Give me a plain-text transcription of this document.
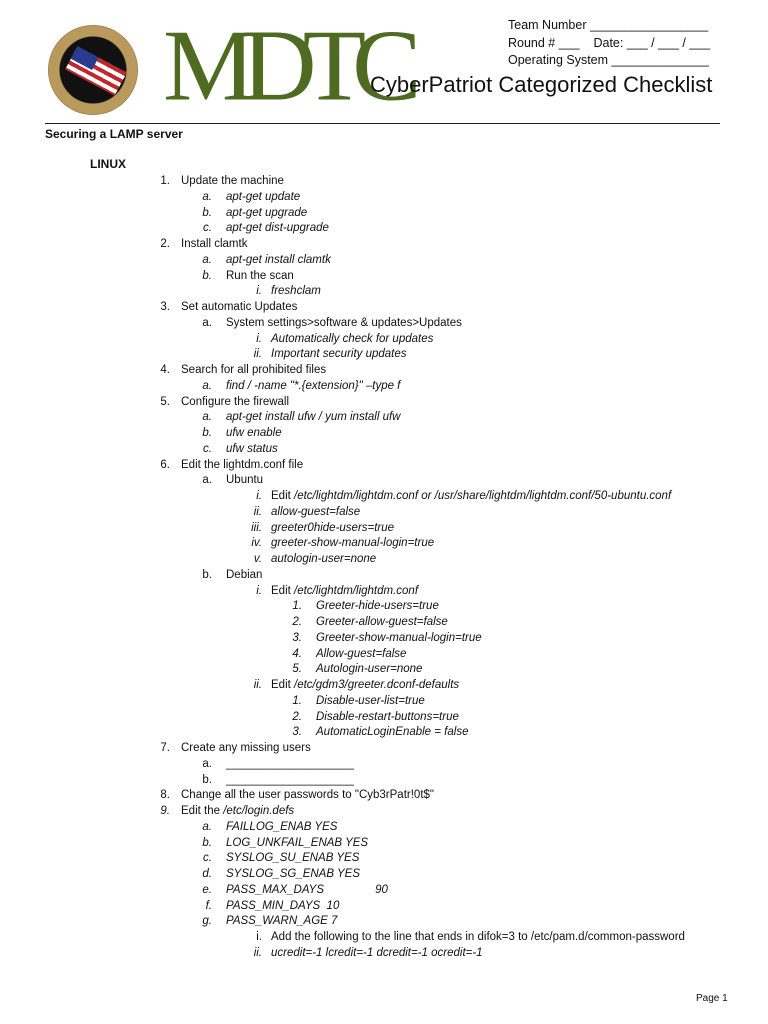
MDTC	Team Number _________________
Round # ___    Date: ___ / ___ / ___
Operating System ______________
CyberPatriot Categorized Checklist
Securing a LAMP server
LINUX
1. Update the machine
a. apt-get update
b. apt-get upgrade
c. apt-get dist-upgrade
2. Install clamtk
a. apt-get install clamtk
b. Run the scan
i. freshclam
3. Set automatic Updates
a. System settings>software & updates>Updates
i. Automatically check for updates
ii. Important security updates
4. Search for all prohibited files
a. find / -name "*.{extension}" –type f
5. Configure the firewall
a. apt-get install ufw / yum install ufw
b. ufw enable
c. ufw status
6. Edit the lightdm.conf file
a. Ubuntu
i. Edit /etc/lightdm/lightdm.conf or /usr/share/lightdm/lightdm.conf/50-ubuntu.conf
ii. allow-guest=false
iii. greeter0hide-users=true
iv. greeter-show-manual-login=true
v. autologin-user=none
b. Debian
i. Edit /etc/lightdm/lightdm.conf
1. Greeter-hide-users=true
2. Greeter-allow-guest=false
3. Greeter-show-manual-login=true
4. Allow-guest=false
5. Autologin-user=none
ii. Edit /etc/gdm3/greeter.dconf-defaults
1. Disable-user-list=true
2. Disable-restart-buttons=true
3. AutomaticLoginEnable = false
7. Create any missing users
a. ____________________
b. ____________________
8. Change all the user passwords to "Cyb3rPatr!0t$"
9. Edit the /etc/login.defs
a. FAILLOG_ENAB YES
b. LOG_UNKFAIL_ENAB YES
c. SYSLOG_SU_ENAB YES
d. SYSLOG_SG_ENAB YES
e. PASS_MAX_DAYS                90
f. PASS_MIN_DAYS  10
g. PASS_WARN_AGE 7
i. Add the following to the line that ends in difok=3 to /etc/pam.d/common-password
ii. ucredit=-1 lcredit=-1 dcredit=-1 ocredit=-1
Page 1
